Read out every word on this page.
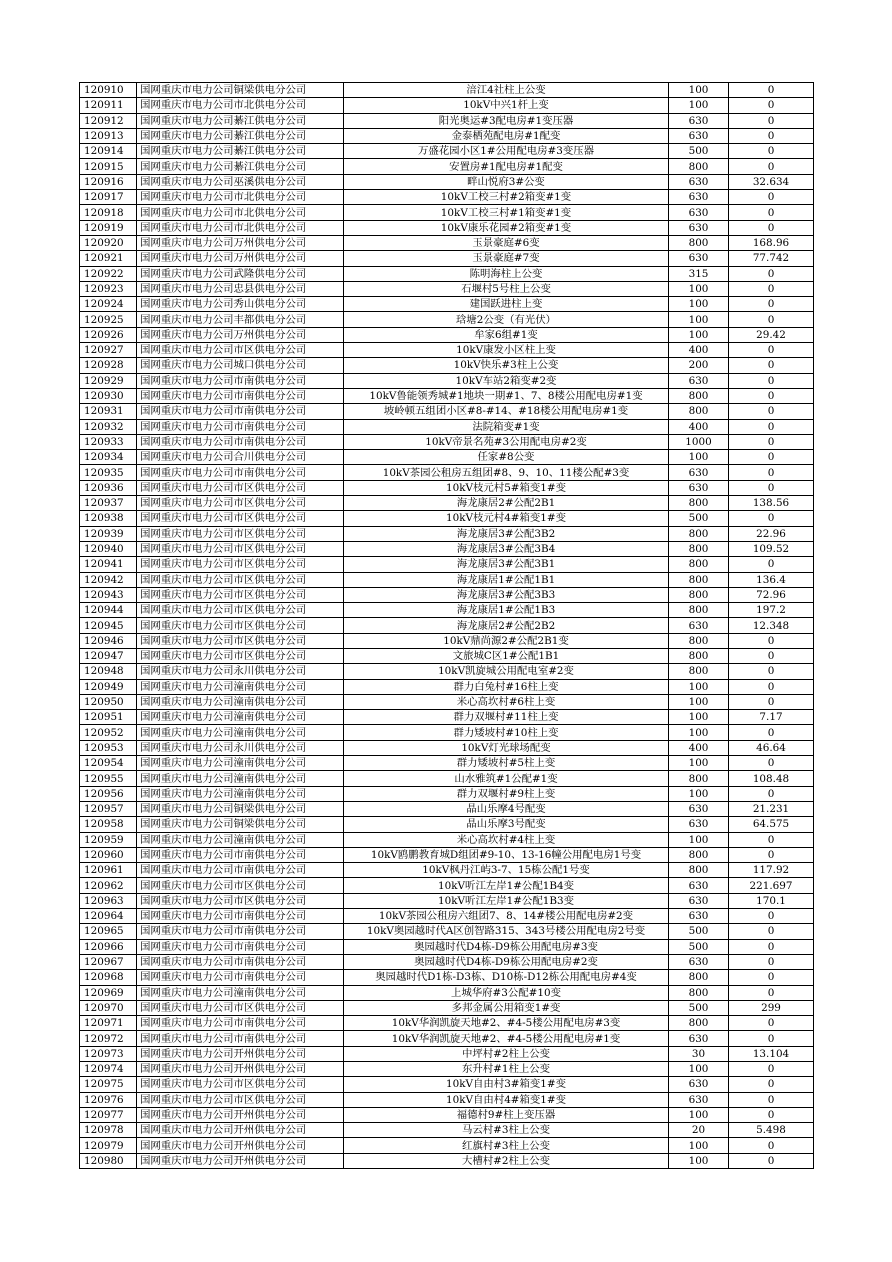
120910	国网重庆市电力公司铜梁供电分公司	涪江4社柱上公变	100	0
120911	国网重庆市电力公司市北供电分公司	10kV中兴1杆上变	100	0
120912	国网重庆市电力公司綦江供电分公司	阳光奥运#3配电房#1变压器	630	0
120913	国网重庆市电力公司綦江供电分公司	金泰栖苑配电房#1配变	630	0
120914	国网重庆市电力公司綦江供电分公司	万盛花园小区1#公用配电房#3变压器	500	0
120915	国网重庆市电力公司綦江供电分公司	安置房#1配电房#1配变	800	0
120916	国网重庆市电力公司巫溪供电分公司	畔山悦府3#公变	630	32.634
120917	国网重庆市电力公司市北供电分公司	10kV工校三村#2箱变#1变	630	0
120918	国网重庆市电力公司市北供电分公司	10kV工校三村#1箱变#1变	630	0
120919	国网重庆市电力公司市北供电分公司	10kV康乐花园#2箱变#1变	630	0
120920	国网重庆市电力公司万州供电分公司	玉景豪庭#6变	800	168.96
120921	国网重庆市电力公司万州供电分公司	玉景豪庭#7变	630	77.742
120922	国网重庆市电力公司武隆供电分公司	陈明海柱上公变	315	0
120923	国网重庆市电力公司忠县供电分公司	石堰村5号柱上公变	100	0
120924	国网重庆市电力公司秀山供电分公司	建国跃进柱上变	100	0
120925	国网重庆市电力公司丰都供电分公司	琀塘2公变（有光伏）	100	0
120926	国网重庆市电力公司万州供电分公司	牟家6组#1变	100	29.42
120927	国网重庆市电力公司市区供电分公司	10kV康发小区柱上变	400	0
120928	国网重庆市电力公司城口供电分公司	10kV快乐#3柱上公变	200	0
120929	国网重庆市电力公司市南供电分公司	10kV车站2箱变#2变	630	0
120930	国网重庆市电力公司市南供电分公司	10kV鲁能领秀城#1地块一期#1、7、8楼公用配电房#1变	800	0
120931	国网重庆市电力公司市南供电分公司	坡岭顿五组团小区#8-#14、#18楼公用配电房#1变	800	0
120932	国网重庆市电力公司市南供电分公司	法院箱变#1变	400	0
120933	国网重庆市电力公司市南供电分公司	10kV帝景名苑#3公用配电房#2变	1000	0
120934	国网重庆市电力公司合川供电分公司	任家#8公变	100	0
120935	国网重庆市电力公司市南供电分公司	10kV茶园公租房五组团#8、9、10、11楼公配#3变	630	0
120936	国网重庆市电力公司市区供电分公司	10kV枝元村5#箱变1#变	630	0
120937	国网重庆市电力公司市区供电分公司	海龙康居2#公配2B1	800	138.56
120938	国网重庆市电力公司市区供电分公司	10kV枝元村4#箱变1#变	500	0
120939	国网重庆市电力公司市区供电分公司	海龙康居3#公配3B2	800	22.96
120940	国网重庆市电力公司市区供电分公司	海龙康居3#公配3B4	800	109.52
120941	国网重庆市电力公司市区供电分公司	海龙康居3#公配3B1	800	0
120942	国网重庆市电力公司市区供电分公司	海龙康居1#公配1B1	800	136.4
120943	国网重庆市电力公司市区供电分公司	海龙康居3#公配3B3	800	72.96
120944	国网重庆市电力公司市区供电分公司	海龙康居1#公配1B3	800	197.2
120945	国网重庆市电力公司市区供电分公司	海龙康居2#公配2B2	630	12.348
120946	国网重庆市电力公司市区供电分公司	10kV鼎尚源2#公配2B1变	800	0
120947	国网重庆市电力公司市区供电分公司	文旅城C区1#公配1B1	800	0
120948	国网重庆市电力公司永川供电分公司	10kV凯旋城公用配电室#2变	800	0
120949	国网重庆市电力公司潼南供电分公司	群力白兔村#16柱上变	100	0
120950	国网重庆市电力公司潼南供电分公司	米心高坎村#6柱上变	100	0
120951	国网重庆市电力公司潼南供电分公司	群力双堰村#11柱上变	100	7.17
120952	国网重庆市电力公司潼南供电分公司	群力矮坡村#10柱上变	100	0
120953	国网重庆市电力公司永川供电分公司	10kV灯光球场配变	400	46.64
120954	国网重庆市电力公司潼南供电分公司	群力矮坡村#5柱上变	100	0
120955	国网重庆市电力公司潼南供电分公司	山水雅筑#1公配#1变	800	108.48
120956	国网重庆市电力公司潼南供电分公司	群力双堰村#9柱上变	100	0
120957	国网重庆市电力公司铜梁供电分公司	晶山乐摩4号配变	630	21.231
120958	国网重庆市电力公司铜梁供电分公司	晶山乐摩3号配变	630	64.575
120959	国网重庆市电力公司潼南供电分公司	米心高坎村#4柱上变	100	0
120960	国网重庆市电力公司市南供电分公司	10kV鸥鹏教育城D组团#9-10、13-16幢公用配电房1号变	800	0
120961	国网重庆市电力公司市南供电分公司	10kV枫丹江屿3-7、15栋公配1号变	800	117.92
120962	国网重庆市电力公司市区供电分公司	10kV听江左岸1#公配1B4变	630	221.697
120963	国网重庆市电力公司市区供电分公司	10kV听江左岸1#公配1B3变	630	170.1
120964	国网重庆市电力公司市南供电分公司	10kV茶园公租房六组团7、8、14#楼公用配电房#2变	630	0
120965	国网重庆市电力公司市南供电分公司	10kV奥园越时代A区创智路315、343号楼公用配电房2号变	500	0
120966	国网重庆市电力公司市南供电分公司	奥园越时代D4栋-D9栋公用配电房#3变	500	0
120967	国网重庆市电力公司市南供电分公司	奥园越时代D4栋-D9栋公用配电房#2变	630	0
120968	国网重庆市电力公司市南供电分公司	奥园越时代D1栋-D3栋、D10栋-D12栋公用配电房#4变	800	0
120969	国网重庆市电力公司潼南供电分公司	上城华府#3公配#10变	800	0
120970	国网重庆市电力公司市区供电分公司	多邦金属公用箱变1#变	500	299
120971	国网重庆市电力公司市南供电分公司	10kV华润凯旋天地#2、#4-5楼公用配电房#3变	800	0
120972	国网重庆市电力公司市南供电分公司	10kV华润凯旋天地#2、#4-5楼公用配电房#1变	630	0
120973	国网重庆市电力公司开州供电分公司	中坪村#2柱上公变	30	13.104
120974	国网重庆市电力公司开州供电分公司	东升村#1柱上公变	100	0
120975	国网重庆市电力公司市区供电分公司	10kV自由村3#箱变1#变	630	0
120976	国网重庆市电力公司市区供电分公司	10kV自由村4#箱变1#变	630	0
120977	国网重庆市电力公司开州供电分公司	福德村9#柱上变压器	100	0
120978	国网重庆市电力公司开州供电分公司	马云村#3柱上公变	20	5.498
120979	国网重庆市电力公司开州供电分公司	红旗村#3柱上公变	100	0
120980	国网重庆市电力公司开州供电分公司	大槽村#2柱上公变	100	0
